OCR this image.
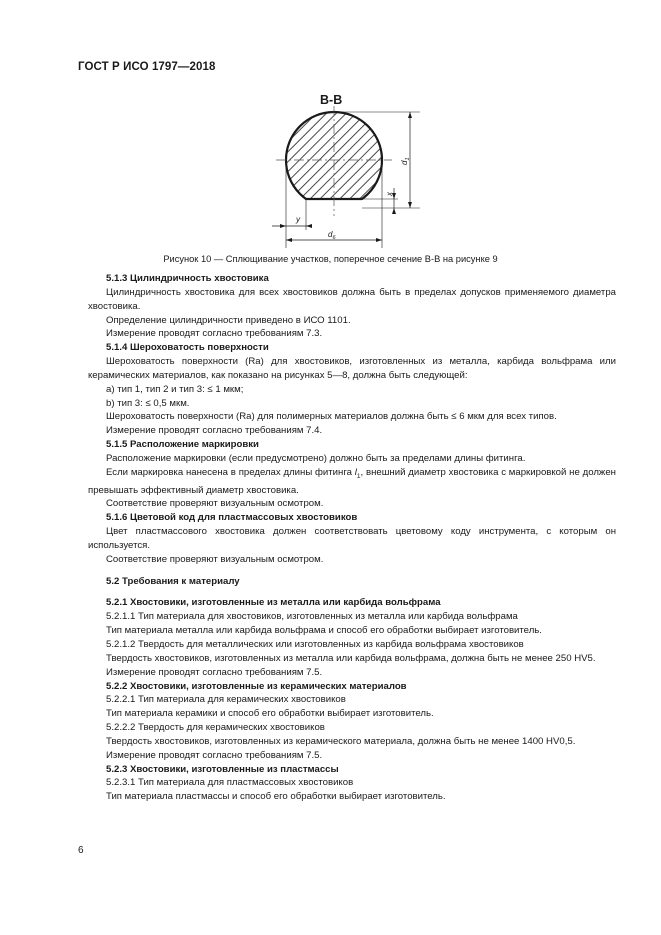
ГОСТ Р ИСО 1797—2018
В-В
$d_1$
x
$d_6$
y
Рисунок 10 — Сплющивание участков, поперечное сечение В-В на рисунке 9

5.1.3 Цилиндричность хвостовика

Цилиндричность хвостовика для всех хвостовиков должна быть в пределах допусков применяемого диаметра хвостовика.

Определение цилиндричности приведено в ИСО 1101.

Измерение проводят согласно требованиям 7.3.

5.1.4 Шероховатость поверхности

Шероховатость поверхности (Ra) для хвостовиков, изготовленных из металла, карбида вольфрама или керамических материалов, как показано на рисунках 5—8, должна быть следующей:

a) тип 1, тип 2 и тип 3: ≤ 1 мкм;

b) тип 3: ≤ 0,5 мкм.

Шероховатость поверхности (Ra) для полимерных материалов должна быть ≤ 6 мкм для всех типов.

Измерение проводят согласно требованиям 7.4.

5.1.5 Расположение маркировки

Расположение маркировки (если предусмотрено) должно быть за пределами длины фитинга.

Если маркировка нанесена в пределах длины фитинга $l_1$, внешний диаметр хвостовика с маркировкой не должен превышать эффективный диаметр хвостовика.

Соответствие проверяют визуальным осмотром.

5.1.6 Цветовой код для пластмассовых хвостовиков

Цвет пластмассового хвостовика должен соответствовать цветовому коду инструмента, с которым он используется.

Соответствие проверяют визуальным осмотром.

5.2 Требования к материалу

5.2.1 Хвостовики, изготовленные из металла или карбида вольфрама

5.2.1.1 Тип материала для хвостовиков, изготовленных из металла или карбида вольфрама

Тип материала металла или карбида вольфрама и способ его обработки выбирает изготовитель.

5.2.1.2 Твердость для металлических или изготовленных из карбида вольфрама хвостовиков

Твердость хвостовиков, изготовленных из металла или карбида вольфрама, должна быть не менее 250 HV5.

Измерение проводят согласно требованиям 7.5.

5.2.2 Хвостовики, изготовленные из керамических материалов

5.2.2.1 Тип материала для керамических хвостовиков

Тип материала керамики и способ его обработки выбирает изготовитель.

5.2.2.2 Твердость для керамических хвостовиков

Твердость хвостовиков, изготовленных из керамического материала, должна быть не менее 1400 HV0,5.

Измерение проводят согласно требованиям 7.5.

5.2.3 Хвостовики, изготовленные из пластмассы

5.2.3.1 Тип материала для пластмассовых хвостовиков

Тип материала пластмассы и способ его обработки выбирает изготовитель.

6
